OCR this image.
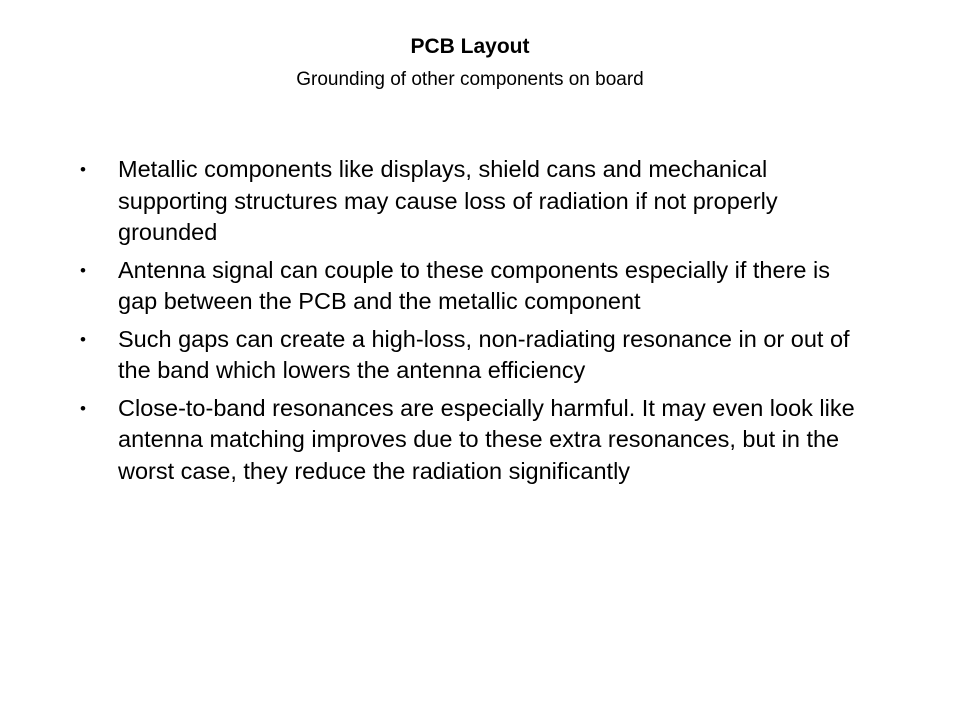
PCB Layout

Grounding of other components on board

• Metallic components like displays, shield cans and mechanical supporting structures may cause loss of radiation if not properly grounded
• Antenna signal can couple to these components especially if there is gap between the PCB and the metallic component
• Such gaps can create a high-loss, non-radiating resonance in or out of the band which lowers the antenna efficiency
• Close-to-band resonances are especially harmful. It may even look like antenna matching improves due to these extra resonances, but in the worst case, they reduce the radiation significantly
